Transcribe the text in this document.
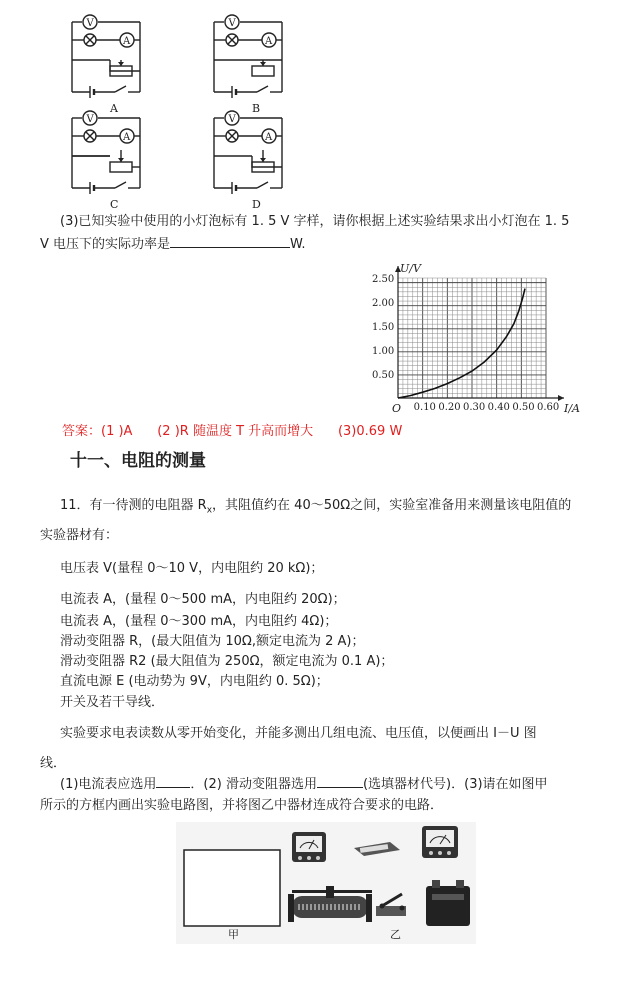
V
A
A
V
A
B
V
A
C
V
A
D
(3)已知实验中使用的小灯泡标有 1. 5 V 字样，请你根据上述实验结果求出小灯泡在 1. 5
V 电压下的实际功率是	W.
0.10 0.20 0.30 0.40 0.50 0.60
2.50
2.00
1.50
1.00
0.50
U/V
I/A
O
答案：(1 )A      (2 )R 随温度 T 升高而增大      (3)0.69 W
十一、电阻的测量
11．有一待测的电阻器 $R_x$，其阻值约在 40～50Ω之间，实验室准备用来测量该电阻值的
实验器材有：
电压表 V(量程 0～10 V，内电阻约 20 kΩ)；
电流表 A，(量程 0～500 mA，内电阻约 20Ω)；
电流表 A，(量程 0～300 mA，内电阻约 4Ω)；
滑动变阻器 R，(最大阻值为 10Ω,额定电流为 2 A)；
滑动变阻器 R2 (最大阻值为 250Ω，额定电流为 0.1 A)；
直流电源 E (电动势为 9V，内电阻约 0. 5Ω)；
开关及若干导线．
实验要求电表读数从零开始变化，并能多测出几组电流、电压值，以便画出 I－U 图
线．
(1)电流表应选用	．(2) 滑动变阻器选用	(选填器材代号)．(3)请在如图甲
所示的方框内画出实验电路图，并将图乙中器材连成符合要求的电路．
甲	乙
